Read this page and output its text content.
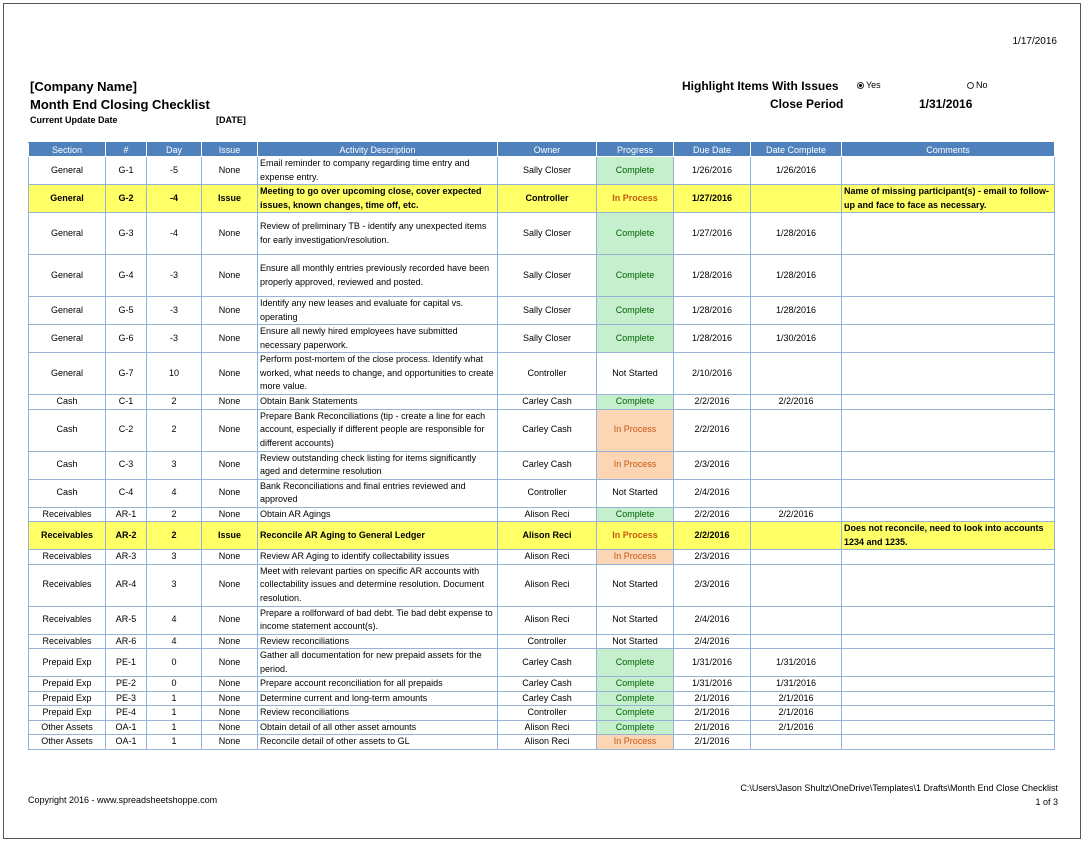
1/17/2016
[Company Name]
Month End Closing Checklist
Current Update Date	[DATE]
Highlight Items With Issues	Yes	No
Close Period	1/31/2016
Section	#	Day	Issue	Activity Description	Owner	Progress	Due Date	Date Complete	Comments
General	G-1	-5	None	Email reminder to company regarding time entry and expense entry.	Sally Closer	Complete	1/26/2016	1/26/2016	
General	G-2	-4	Issue	Meeting to go over upcoming close, cover expected issues, known changes, time off, etc.	Controller	In Process	1/27/2016		Name of missing participant(s) - email to follow-up and face to face as necessary.
General	G-3	-4	None	Review of preliminary TB - identify any unexpected items for early investigation/resolution.	Sally Closer	Complete	1/27/2016	1/28/2016	
General	G-4	-3	None	Ensure all monthly entries previously recorded have been properly approved, reviewed and posted.	Sally Closer	Complete	1/28/2016	1/28/2016	
General	G-5	-3	None	Identify any new leases and evaluate for capital vs. operating	Sally Closer	Complete	1/28/2016	1/28/2016	
General	G-6	-3	None	Ensure all newly hired employees have submitted necessary paperwork.	Sally Closer	Complete	1/28/2016	1/30/2016	
General	G-7	10	None	Perform post-mortem of the close process. Identify what worked, what needs to change, and opportunities to create more value.	Controller	Not Started	2/10/2016		
Cash	C-1	2	None	Obtain Bank Statements	Carley Cash	Complete	2/2/2016	2/2/2016	
Cash	C-2	2	None	Prepare Bank Reconciliations (tip - create a line for each account, especially if different people are responsible for different accounts)	Carley Cash	In Process	2/2/2016		
Cash	C-3	3	None	Review outstanding check listing for items significantly aged and determine resolution	Carley Cash	In Process	2/3/2016		
Cash	C-4	4	None	Bank Reconciliations and final entries reviewed and approved	Controller	Not Started	2/4/2016		
Receivables	AR-1	2	None	Obtain AR Agings	Alison Reci	Complete	2/2/2016	2/2/2016	
Receivables	AR-2	2	Issue	Reconcile AR Aging to General Ledger	Alison Reci	In Process	2/2/2016		Does not reconcile, need to look into accounts 1234 and 1235.
Receivables	AR-3	3	None	Review AR Aging to identify collectability issues	Alison Reci	In Process	2/3/2016		
Receivables	AR-4	3	None	Meet with relevant parties on specific AR accounts with collectability issues and determine resolution. Document resolution.	Alison Reci	Not Started	2/3/2016		
Receivables	AR-5	4	None	Prepare a rollforward of bad debt. Tie bad debt expense to income statement account(s).	Alison Reci	Not Started	2/4/2016		
Receivables	AR-6	4	None	Review reconciliations	Controller	Not Started	2/4/2016		
Prepaid Exp	PE-1	0	None	Gather all documentation for new prepaid assets for the period.	Carley Cash	Complete	1/31/2016	1/31/2016	
Prepaid Exp	PE-2	0	None	Prepare account reconciliation for all prepaids	Carley Cash	Complete	1/31/2016	1/31/2016	
Prepaid Exp	PE-3	1	None	Determine current and long-term amounts	Carley Cash	Complete	2/1/2016	2/1/2016	
Prepaid Exp	PE-4	1	None	Review reconciliations	Controller	Complete	2/1/2016	2/1/2016	
Other Assets	OA-1	1	None	Obtain detail of all other asset amounts	Alison Reci	Complete	2/1/2016	2/1/2016	
Other Assets	OA-1	1	None	Reconcile detail of other assets to GL	Alison Reci	In Process	2/1/2016		
Copyright 2016 - www.spreadsheetshoppe.com
C:\Users\Jason Shultz\OneDrive\Templates\1 Drafts\Month End Close Checklist
1 of 3
